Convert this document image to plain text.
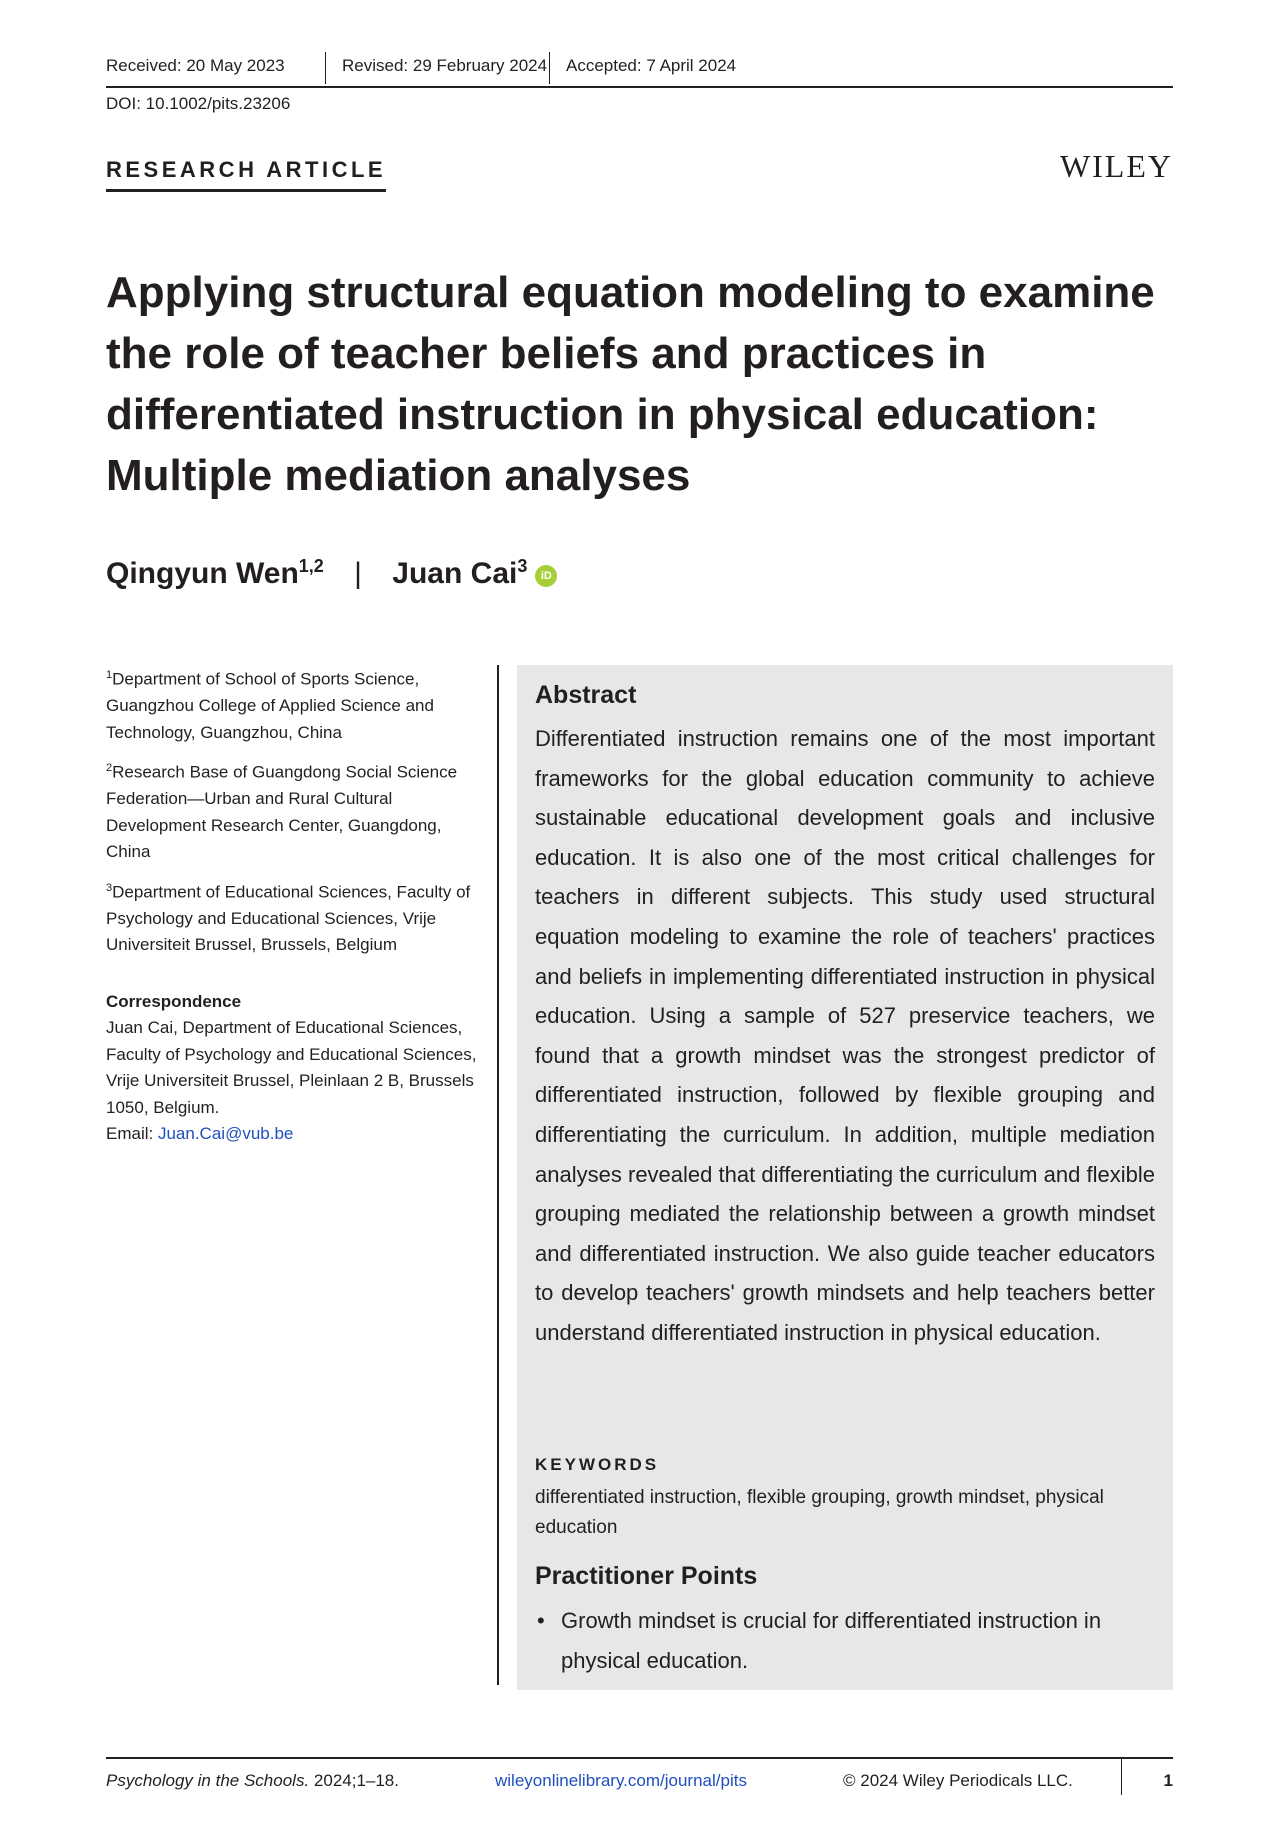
Received: 20 May 2023	Revised: 29 February 2024 Accepted: 7 April 2024
DOI: 10.1002/pits.23206
RESEARCH ARTICLE	WILEY
Applying structural equation modeling to examine the role of teacher beliefs and practices in differentiated instruction in physical education: Multiple mediation analyses
Qingyun Wen$^{1,2}$ | Juan Cai$^3$ iD
$^1$Department of School of Sports Science, Guangzhou College of Applied Science and Technology, Guangzhou, China
$^2$Research Base of Guangdong Social Science Federation—Urban and Rural Cultural Development Research Center, Guangdong, China
$^3$Department of Educational Sciences, Faculty of Psychology and Educational Sciences, Vrije Universiteit Brussel, Brussels, Belgium
Correspondence
Juan Cai, Department of Educational Sciences, Faculty of Psychology and Educational Sciences, Vrije Universiteit Brussel, Pleinlaan 2 B, Brussels 1050, Belgium.
Email: Juan.Cai@vub.be
Abstract
Differentiated instruction remains one of the most important frameworks for the global education community to achieve sustainable educational development goals and inclusive education. It is also one of the most critical challenges for teachers in different subjects. This study used structural equation modeling to examine the role of teachers' practices and beliefs in implementing differentiated instruction in physical education. Using a sample of 527 preservice teachers, we found that a growth mindset was the strongest predictor of differentiated instruction, followed by flexible grouping and differentiating the curriculum. In addition, multiple mediation analyses revealed that differentiating the curriculum and flexible grouping mediated the relationship between a growth mindset and differentiated instruction. We also guide teacher educators to develop teachers' growth mindsets and help teachers better understand differentiated instruction in physical education.
KEYWORDS
differentiated instruction, flexible grouping, growth mindset, physical education
Practitioner Points
• Growth mindset is crucial for differentiated instruction in physical education.
Psychology in the Schools. 2024;1–18.	wileyonlinelibrary.com/journal/pits	© 2024 Wiley Periodicals LLC.	1
